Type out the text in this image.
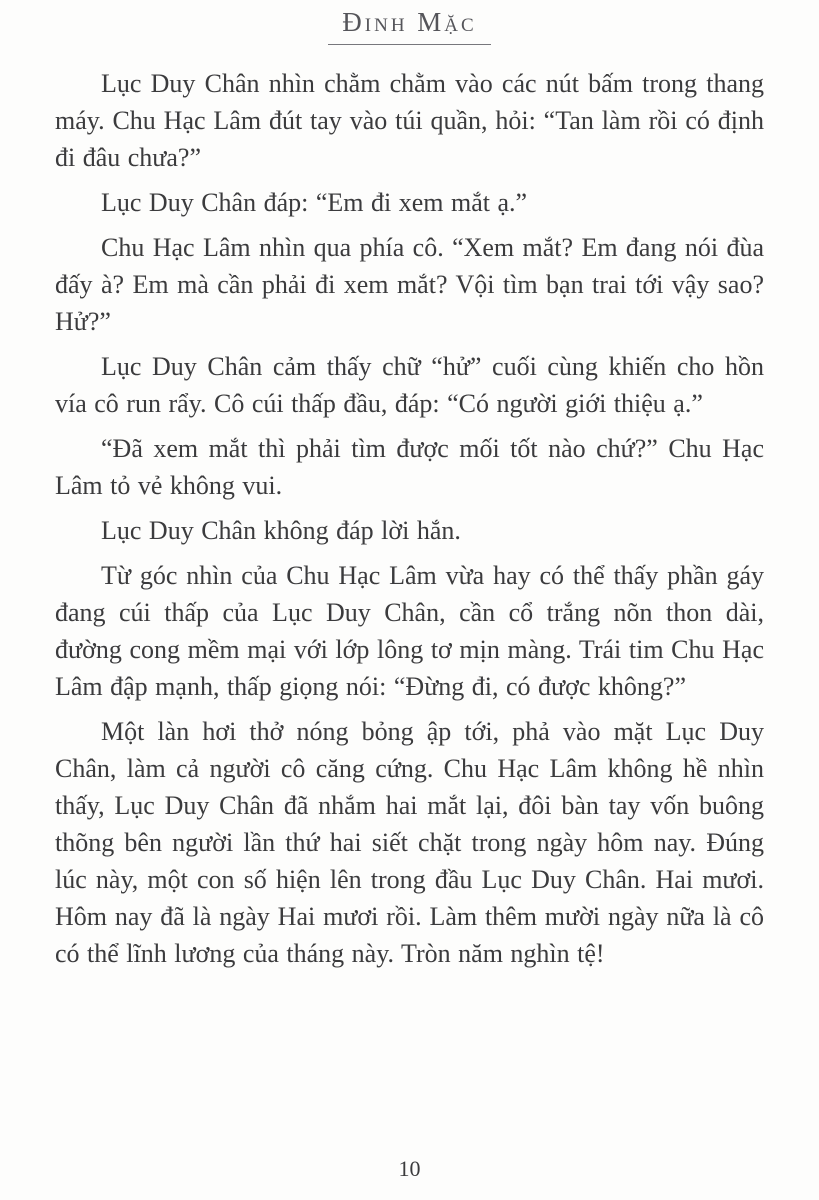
Đinh Mặc

Lục Duy Chân nhìn chằm chằm vào các nút bấm trong thang máy. Chu Hạc Lâm đút tay vào túi quần, hỏi: “Tan làm rồi có định đi đâu chưa?”

Lục Duy Chân đáp: “Em đi xem mắt ạ.”

Chu Hạc Lâm nhìn qua phía cô. “Xem mắt? Em đang nói đùa đấy à? Em mà cần phải đi xem mắt? Vội tìm bạn trai tới vậy sao? Hử?”

Lục Duy Chân cảm thấy chữ “hử” cuối cùng khiến cho hồn vía cô run rẩy. Cô cúi thấp đầu, đáp: “Có người giới thiệu ạ.”

“Đã xem mắt thì phải tìm được mối tốt nào chứ?” Chu Hạc Lâm tỏ vẻ không vui.

Lục Duy Chân không đáp lời hắn.

Từ góc nhìn của Chu Hạc Lâm vừa hay có thể thấy phần gáy đang cúi thấp của Lục Duy Chân, cần cổ trắng nõn thon dài, đường cong mềm mại với lớp lông tơ mịn màng. Trái tim Chu Hạc Lâm đập mạnh, thấp giọng nói: “Đừng đi, có được không?”

Một làn hơi thở nóng bỏng ập tới, phả vào mặt Lục Duy Chân, làm cả người cô căng cứng. Chu Hạc Lâm không hề nhìn thấy, Lục Duy Chân đã nhắm hai mắt lại, đôi bàn tay vốn buông thõng bên người lần thứ hai siết chặt trong ngày hôm nay. Đúng lúc này, một con số hiện lên trong đầu Lục Duy Chân. Hai mươi. Hôm nay đã là ngày Hai mươi rồi. Làm thêm mười ngày nữa là cô có thể lĩnh lương của tháng này. Tròn năm nghìn tệ!

10
